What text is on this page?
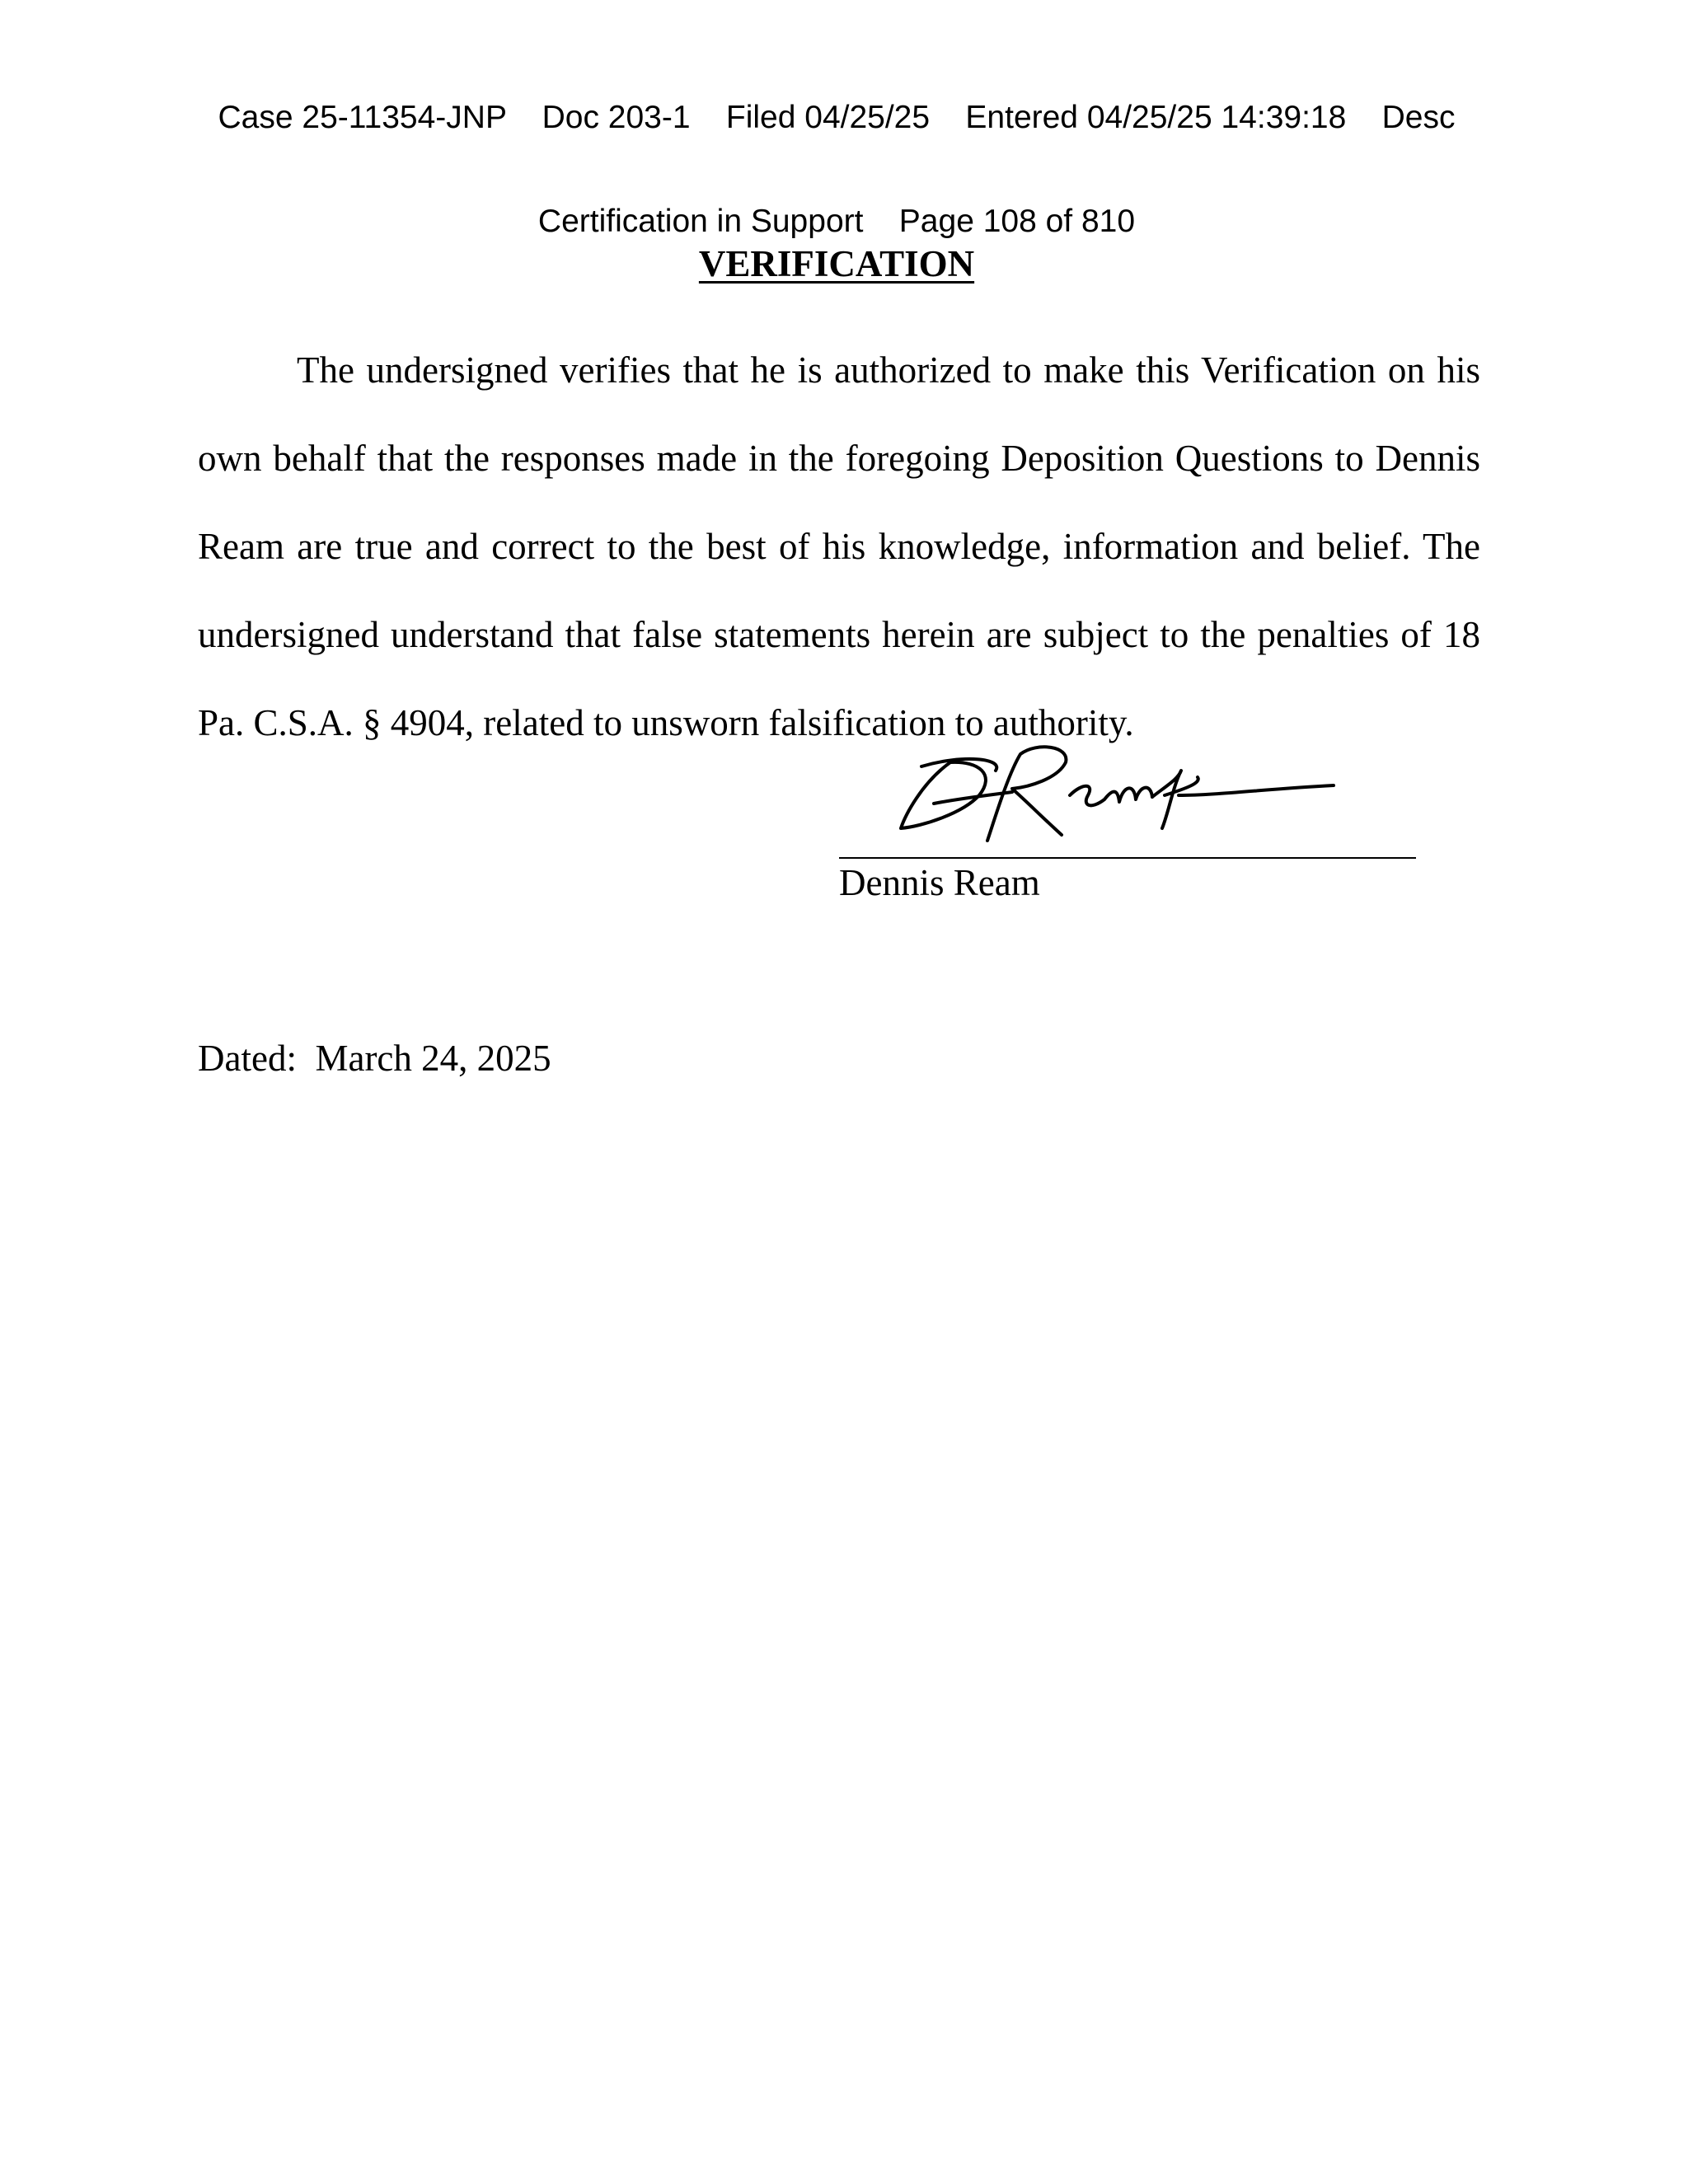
Case 25-11354-JNP    Doc 203-1    Filed 04/25/25    Entered 04/25/25 14:39:18    Desc

Certification in Support    Page 108 of 810

VERIFICATION

The undersigned verifies that he is authorized to make this Verification on his own behalf that the responses made in the foregoing Deposition Questions to Dennis Ream are true and correct to the best of his knowledge, information and belief. The undersigned understand that false statements herein are subject to the penalties of 18 Pa. C.S.A. § 4904, related to unsworn falsification to authority.

Dennis Ream
Dated: March 24, 2025
